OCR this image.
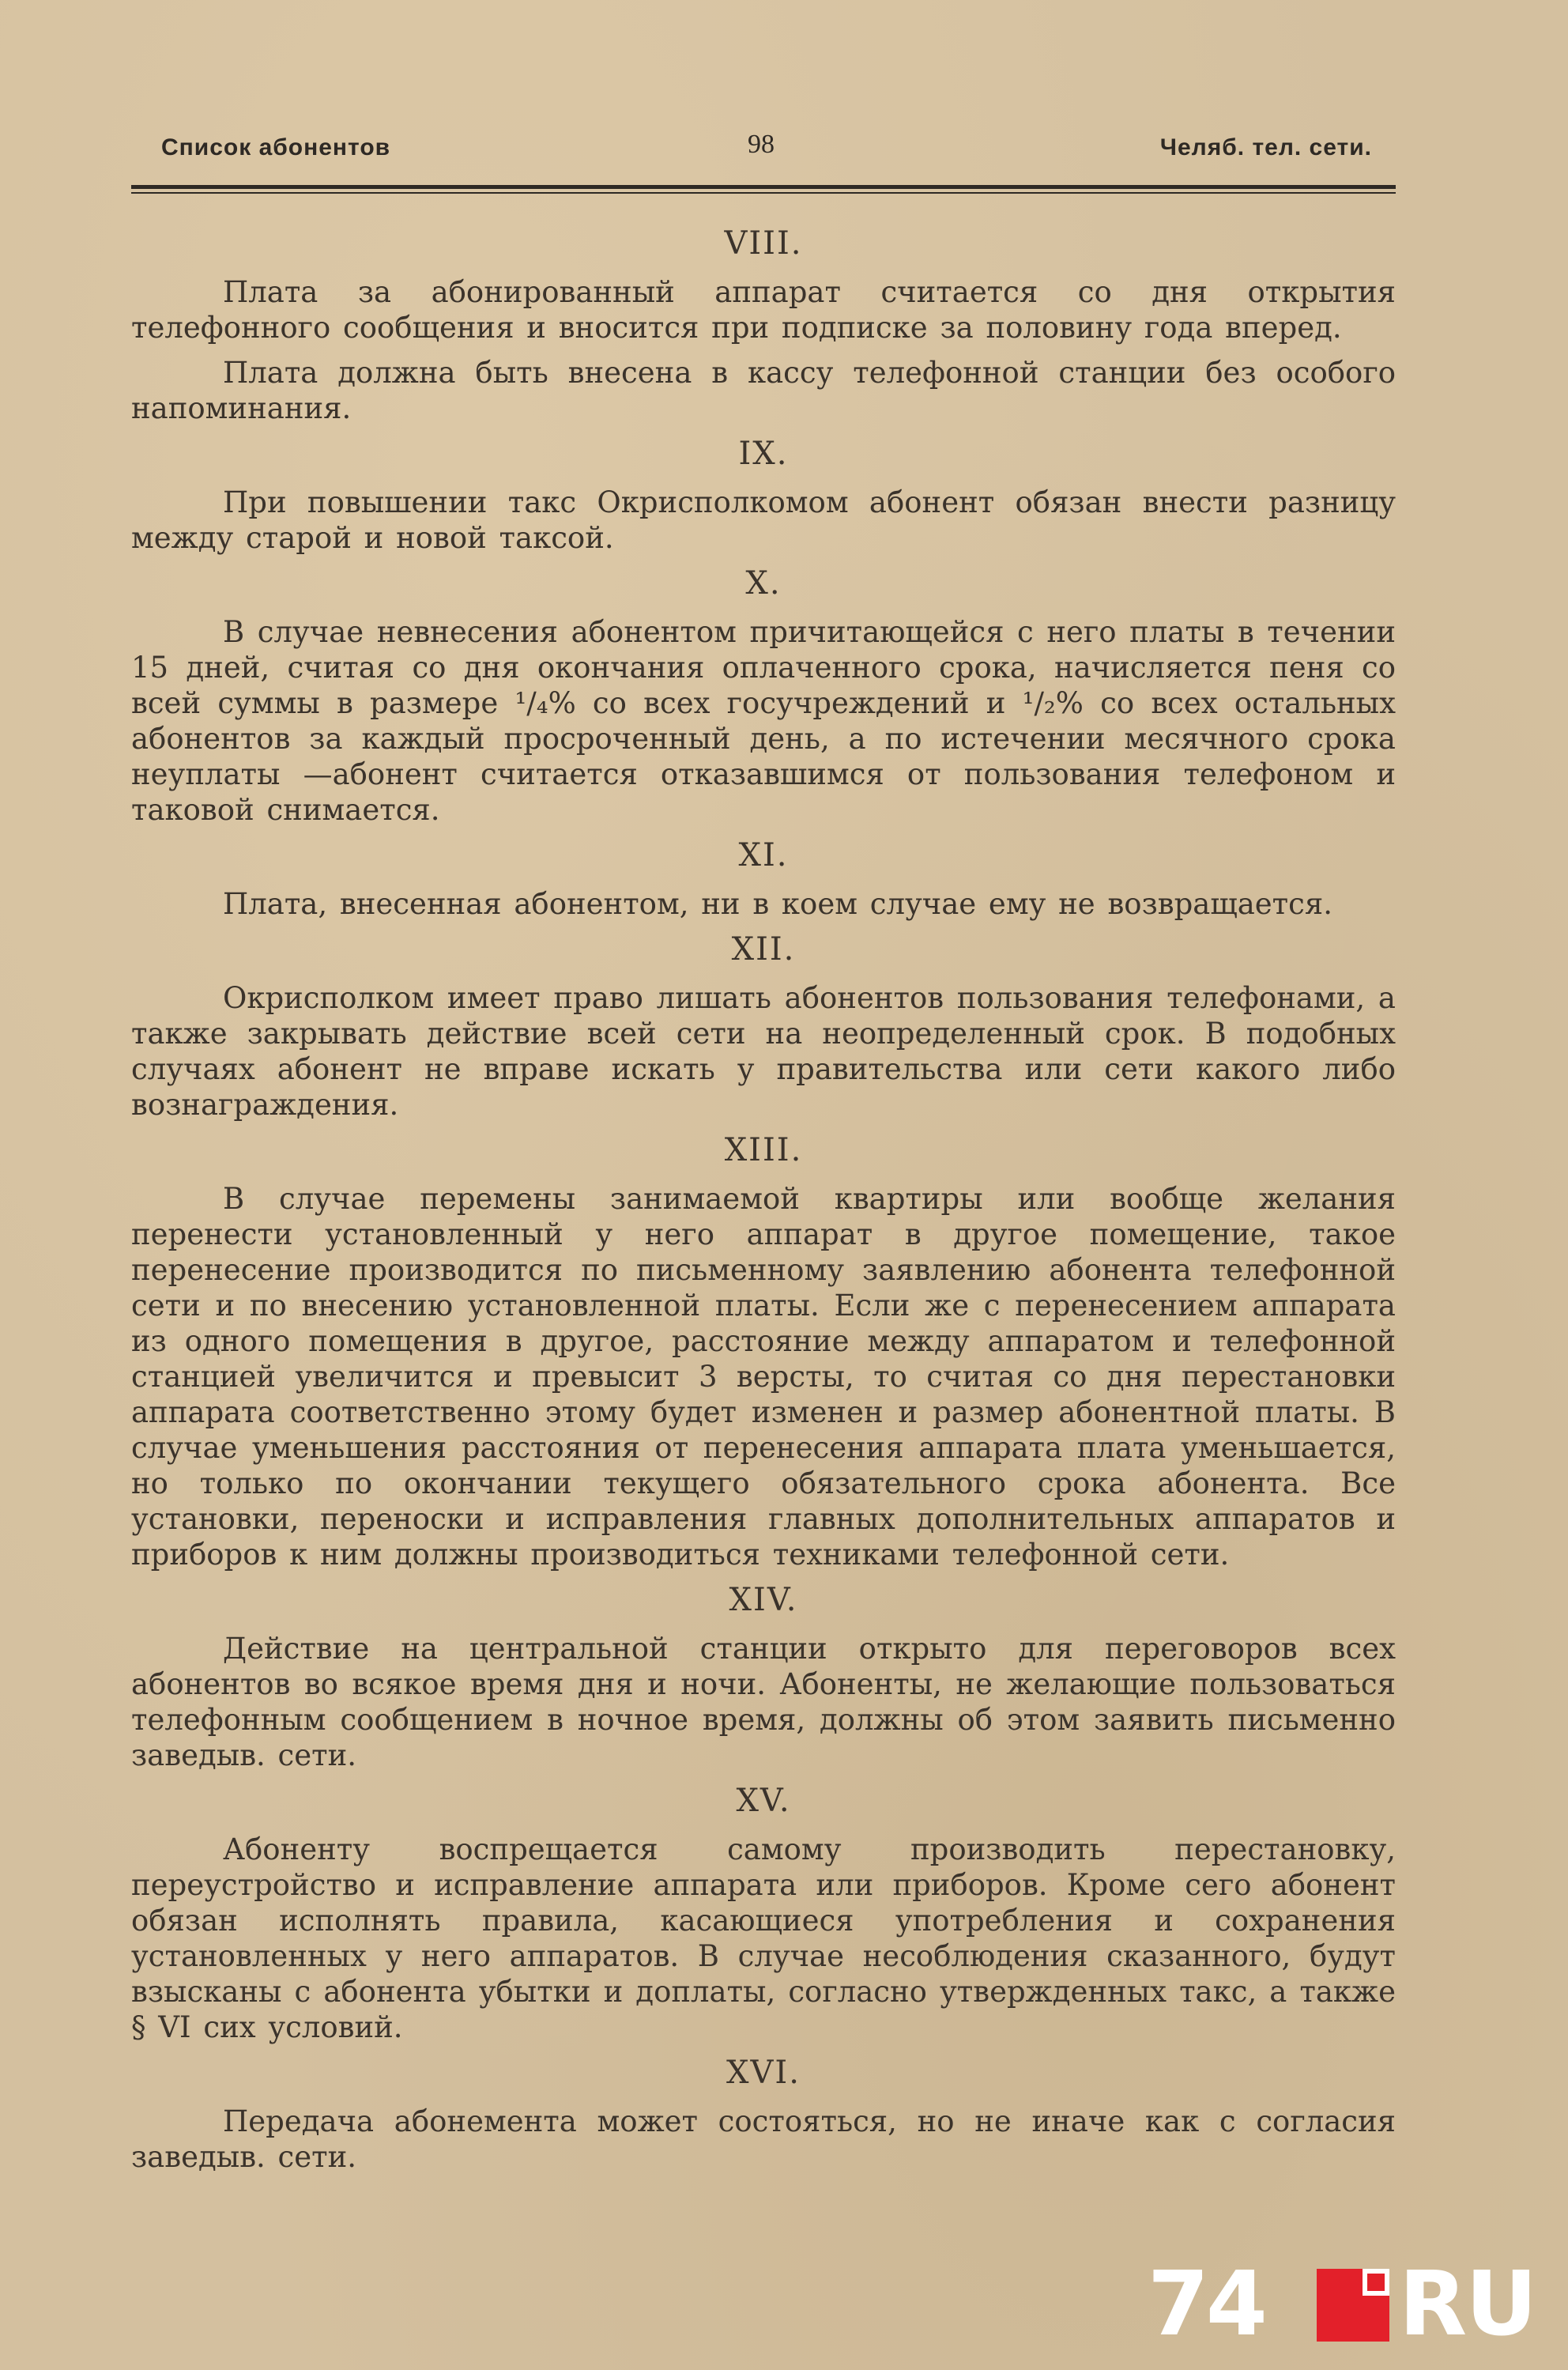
Список абонентов	98	Челяб. тел. сети.
VIII.

Плата за абонированный аппарат считается со дня открытия телефонного сообщения и вносится при подписке за половину года вперед.

Плата должна быть внесена в кассу телефонной станции без особого напоминания.

IX.

При повышении такс Окрисполкомом абонент обязан внести разницу между старой и новой таксой.

X.

В случае невнесения абонентом причитающейся с него платы в течении 15 дней, считая со дня окончания оплаченного срока, начисляется пеня со всей суммы в размере ¹/₄% со всех госучреждений и ¹/₂% со всех остальных абонентов за каждый просроченный день, а по истечении месячного срока неуплаты —абонент считается отказавшимся от пользования телефоном и таковой снимается.

XI.

Плата, внесенная абонентом, ни в коем случае ему не возвращается.

XII.

Окрисполком имеет право лишать абонентов пользования телефонами, а также закрывать действие всей сети на неопределенный срок. В подобных случаях абонент не вправе искать у правительства или сети какого либо вознаграждения.

XIII.

В случае перемены занимаемой квартиры или вообще желания перенести установленный у него аппарат в другое помещение, такое перенесение производится по письменному заявлению абонента телефонной сети и по внесению установленной платы. Если же с перенесением аппарата из одного помещения в другое, расстояние между аппаратом и телефонной станцией увеличится и превысит 3 версты, то считая со дня перестановки аппарата соответственно этому будет изменен и размер абонентной платы. В случае уменьшения расстояния от перенесения аппарата плата уменьшается, но только по окончании текущего обязательного срока абонента. Все установки, переноски и исправления главных дополнительных аппаратов и приборов к ним должны производиться техниками телефонной сети.

XIV.

Действие на центральной станции открыто для переговоров всех абонентов во всякое время дня и ночи. Абоненты, не желающие пользоваться телефонным сообщением в ночное время, должны об этом заявить письменно заведыв. сети.

XV.

Абоненту воспрещается самому производить перестановку, переустройство и исправление аппарата или приборов. Кроме сего абонент обязан исполнять правила, касающиеся употребления и сохранения установленных у него аппаратов. В случае несоблюдения сказанного, будут взысканы с абонента убытки и доплаты, согласно утвержденных такс, а также § VI сих условий.

XVI.

Передача абонемента может состояться, но не иначе как с согласия заведыв. сети.

74 RU
